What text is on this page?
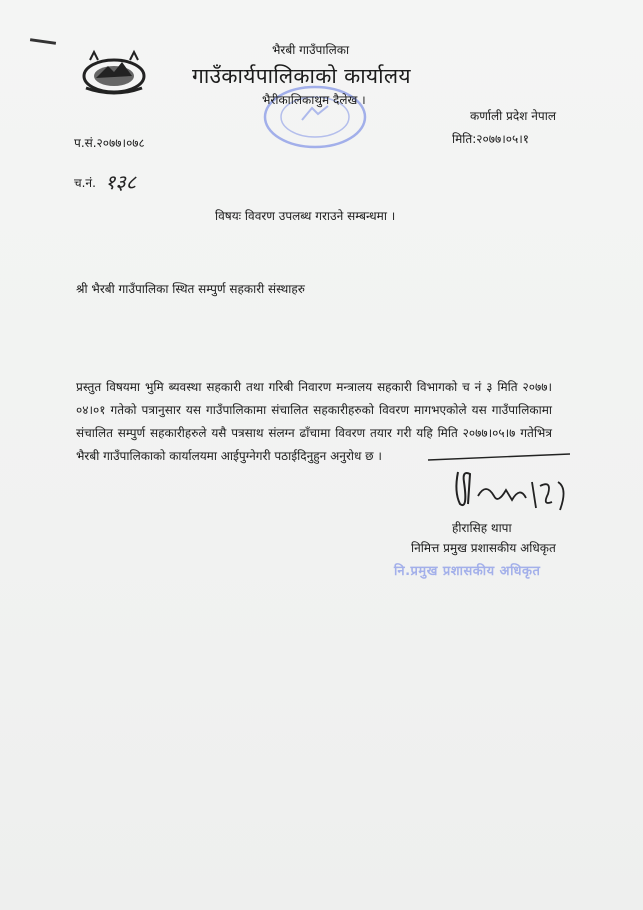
भैरबी गाउँपालिका
गाउँकार्यपालिकाको कार्यालय
भैरीकालिकाथुम दैलेख ।
कर्णाली प्रदेश नेपाल
मिति:२०७७।०५।१
प.सं.२०७७।०७८
च.नं. १३८
विषयः विवरण उपलब्ध गराउने सम्बन्धमा ।
श्री भैरबी गाउँपालिका स्थित सम्पुर्ण सहकारी संस्थाहरु
प्रस्तुत विषयमा भुमि ब्यवस्था सहकारी तथा गरिबी निवारण मन्त्रालय सहकारी विभागको च नं ३ मिति २०७७।०४।०१ गतेको पत्रानुसार यस गाउँपालिकामा संचालित सहकारीहरुको विवरण मागभएकोले यस गाउँपालिकामा संचालित सम्पुर्ण सहकारीहरुले यसै पत्रसाथ संलग्न ढाँचामा विवरण तयार गरी यहि मिति २०७७।०५।७ गतेभित्र भैरबी गाउँपालिकाको कार्यालयमा आईपुग्नेगरी पठाईदिनुहुन अनुरोध छ ।
हीरासिह थापा
निमित्त प्रमुख प्रशासकीय अधिकृत
नि.प्रमुख प्रशासकीय अधिकृत
